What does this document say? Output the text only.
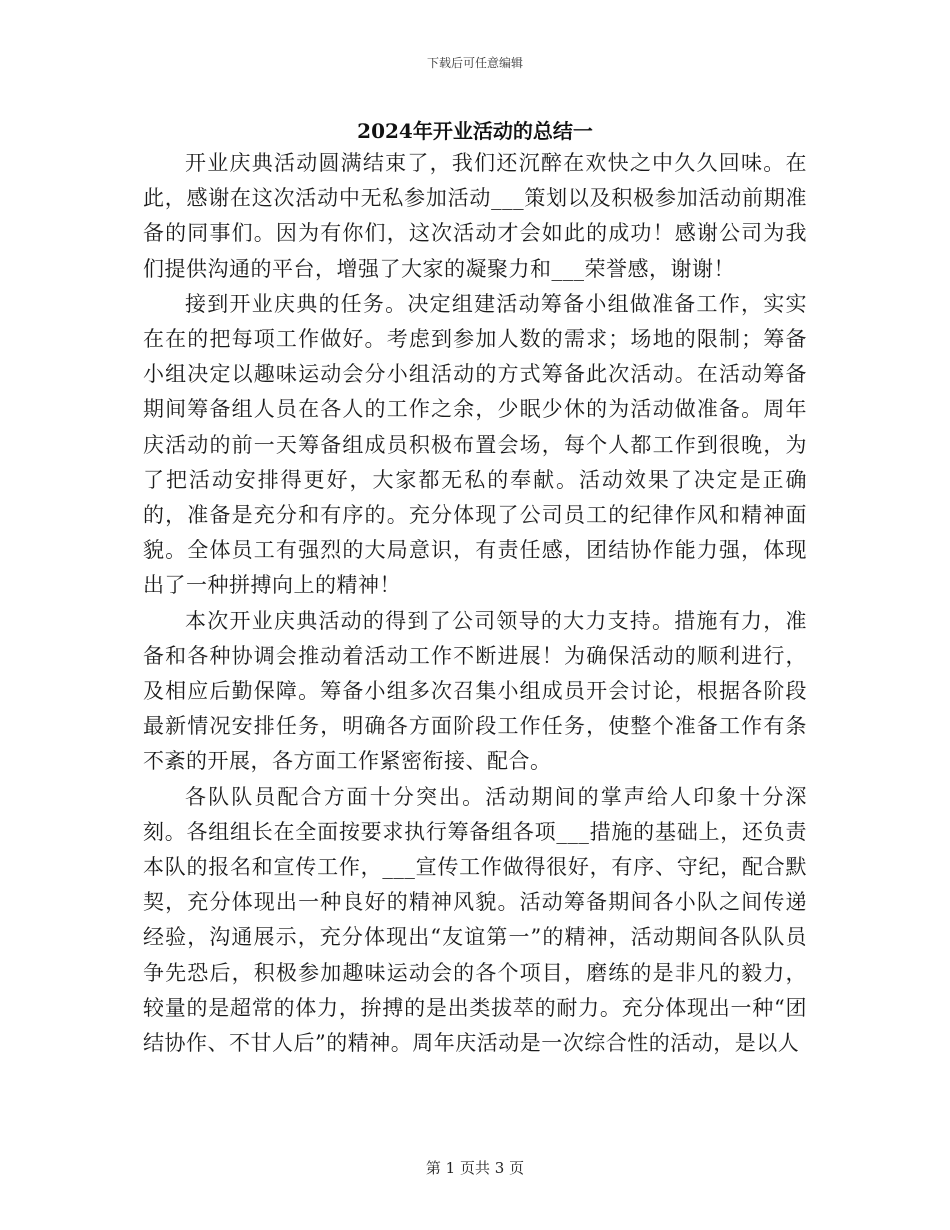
下载后可任意编辑
2024年开业活动的总结一

开业庆典活动圆满结束了，我们还沉醉在欢快之中久久回味。在此，感谢在这次活动中无私参加活动___策划以及积极参加活动前期准备的同事们。因为有你们，这次活动才会如此的成功！感谢公司为我们提供沟通的平台，增强了大家的凝聚力和___荣誉感，谢谢！

接到开业庆典的任务。决定组建活动筹备小组做准备工作，实实在在的把每项工作做好。考虑到参加人数的需求；场地的限制；筹备小组决定以趣味运动会分小组活动的方式筹备此次活动。在活动筹备期间筹备组人员在各人的工作之余，少眠少休的为活动做准备。周年庆活动的前一天筹备组成员积极布置会场，每个人都工作到很晚，为了把活动安排得更好，大家都无私的奉献。活动效果了决定是正确的，准备是充分和有序的。充分体现了公司员工的纪律作风和精神面貌。全体员工有强烈的大局意识，有责任感，团结协作能力强，体现出了一种拼搏向上的精神！

本次开业庆典活动的得到了公司领导的大力支持。措施有力，准备和各种协调会推动着活动工作不断进展！为确保活动的顺利进行，及相应后勤保障。筹备小组多次召集小组成员开会讨论，根据各阶段最新情况安排任务，明确各方面阶段工作任务，使整个准备工作有条不紊的开展，各方面工作紧密衔接、配合。

各队队员配合方面十分突出。活动期间的掌声给人印象十分深刻。各组组长在全面按要求执行筹备组各项___措施的基础上，还负责本队的报名和宣传工作，___宣传工作做得很好，有序、守纪，配合默契，充分体现出一种良好的精神风貌。活动筹备期间各小队之间传递经验，沟通展示，充分体现出“友谊第一”的精神，活动期间各队队员争先恐后，积极参加趣味运动会的各个项目，磨练的是非凡的毅力，较量的是超常的体力，拚搏的是出类拔萃的耐力。充分体现出一种“团结协作、不甘人后”的精神。周年庆活动是一次综合性的活动，是以人

第 1 页共 3 页
